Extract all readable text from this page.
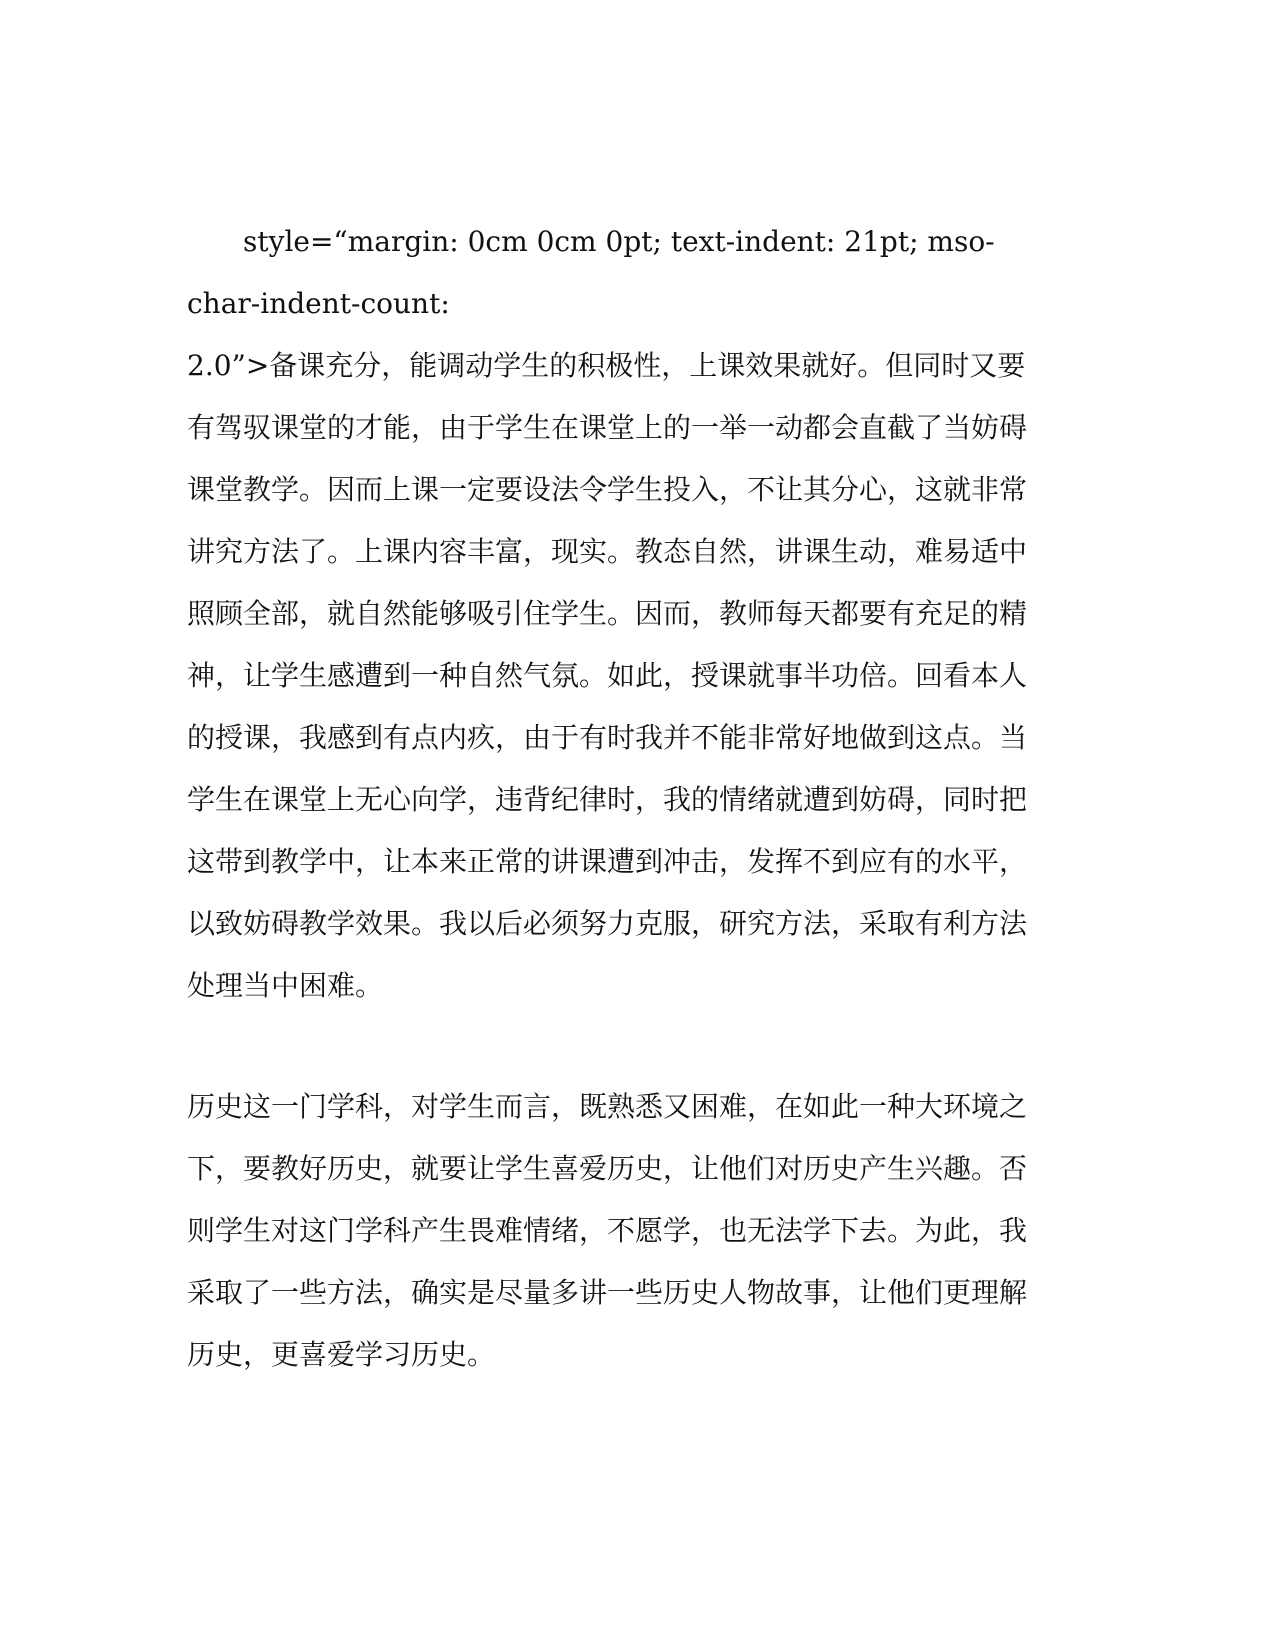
style=“margin: 0cm 0cm 0pt; text-indent: 21pt; mso-
char-indent-count:
2.0”>备课充分，能调动学生的积极性，上课效果就好。但同时又要
有驾驭课堂的才能，由于学生在课堂上的一举一动都会直截了当妨碍
课堂教学。因而上课一定要设法令学生投入，不让其分心，这就非常
讲究方法了。上课内容丰富，现实。教态自然，讲课生动，难易适中
照顾全部，就自然能够吸引住学生。因而，教师每天都要有充足的精
神，让学生感遭到一种自然气氛。如此，授课就事半功倍。回看本人
的授课，我感到有点内疚，由于有时我并不能非常好地做到这点。当
学生在课堂上无心向学，违背纪律时，我的情绪就遭到妨碍，同时把
这带到教学中，让本来正常的讲课遭到冲击，发挥不到应有的水平，
以致妨碍教学效果。我以后必须努力克服，研究方法，采取有利方法
处理当中困难。
历史这一门学科，对学生而言，既熟悉又困难，在如此一种大环境之
下，要教好历史，就要让学生喜爱历史，让他们对历史产生兴趣。否
则学生对这门学科产生畏难情绪，不愿学，也无法学下去。为此，我
采取了一些方法，确实是尽量多讲一些历史人物故事，让他们更理解
历史，更喜爱学习历史。
